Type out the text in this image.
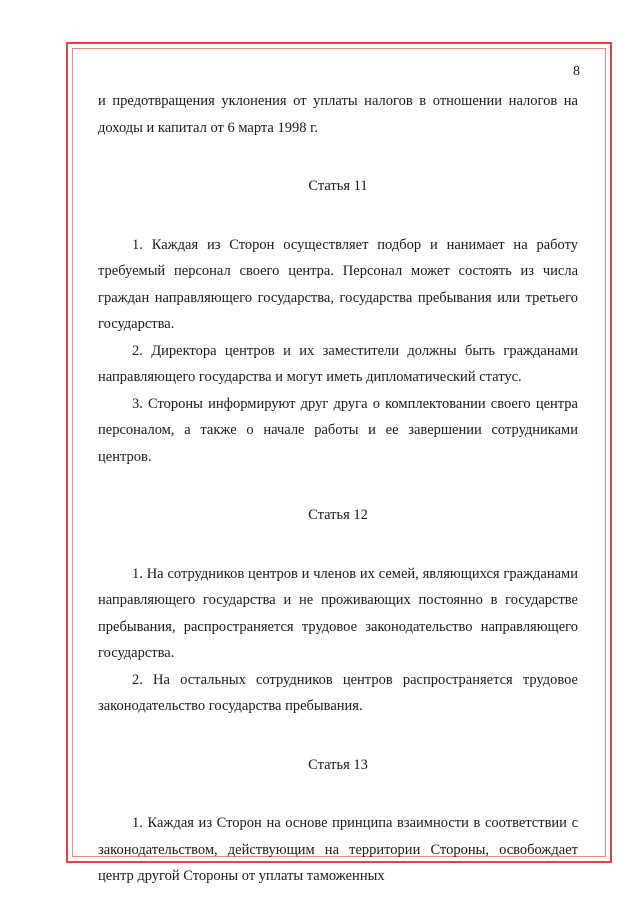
8

и предотвращения уклонения от уплаты налогов в отношении налогов на доходы и капитал от 6 марта 1998 г.

Статья 11

1. Каждая из Сторон осуществляет подбор и нанимает на работу требуемый персонал своего центра. Персонал может состоять из числа граждан направляющего государства, государства пребывания или третьего государства.

2. Директора центров и их заместители должны быть гражданами направляющего государства и могут иметь дипломатический статус.

3. Стороны информируют друг друга о комплектовании своего центра персоналом, а также о начале работы и ее завершении сотрудниками центров.

Статья 12

1. На сотрудников центров и членов их семей, являющихся гражданами направляющего государства и не проживающих постоянно в государстве пребывания, распространяется трудовое законодательство направляющего государства.

2. На остальных сотрудников центров распространяется трудовое законодательство государства пребывания.

Статья 13

1. Каждая из Сторон на основе принципа взаимности в соответствии с законодательством, действующим на территории Стороны, освобождает центр другой Стороны от уплаты таможенных
